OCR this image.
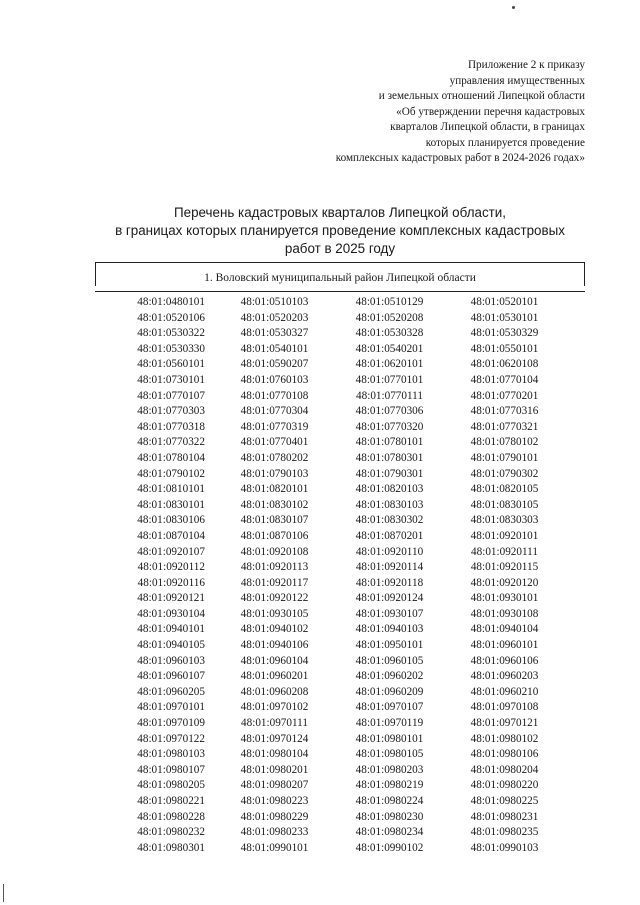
Приложение 2 к приказу
управления имущественных
и земельных отношений Липецкой области
«Об утверждении перечня кадастровых
кварталов Липецкой области, в границах
которых планируется проведение
комплексных кадастровых работ в 2024-2026 годах»
Перечень кадастровых кварталов Липецкой области,
в границах которых планируется проведение комплексных кадастровых
работ в 2025 году
1. Воловский муниципальный район Липецкой области
48:01:0480101	48:01:0510103	48:01:0510129	48:01:0520101
48:01:0520106	48:01:0520203	48:01:0520208	48:01:0530101
48:01:0530322	48:01:0530327	48:01:0530328	48:01:0530329
48:01:0530330	48:01:0540101	48:01:0540201	48:01:0550101
48:01:0560101	48:01:0590207	48:01:0620101	48:01:0620108
48:01:0730101	48:01:0760103	48:01:0770101	48:01:0770104
48:01:0770107	48:01:0770108	48:01:0770111	48:01:0770201
48:01:0770303	48:01:0770304	48:01:0770306	48:01:0770316
48:01:0770318	48:01:0770319	48:01:0770320	48:01:0770321
48:01:0770322	48:01:0770401	48:01:0780101	48:01:0780102
48:01:0780104	48:01:0780202	48:01:0780301	48:01:0790101
48:01:0790102	48:01:0790103	48:01:0790301	48:01:0790302
48:01:0810101	48:01:0820101	48:01:0820103	48:01:0820105
48:01:0830101	48:01:0830102	48:01:0830103	48:01:0830105
48:01:0830106	48:01:0830107	48:01:0830302	48:01:0830303
48:01:0870104	48:01:0870106	48:01:0870201	48:01:0920101
48:01:0920107	48:01:0920108	48:01:0920110	48:01:0920111
48:01:0920112	48:01:0920113	48:01:0920114	48:01:0920115
48:01:0920116	48:01:0920117	48:01:0920118	48:01:0920120
48:01:0920121	48:01:0920122	48:01:0920124	48:01:0930101
48:01:0930104	48:01:0930105	48:01:0930107	48:01:0930108
48:01:0940101	48:01:0940102	48:01:0940103	48:01:0940104
48:01:0940105	48:01:0940106	48:01:0950101	48:01:0960101
48:01:0960103	48:01:0960104	48:01:0960105	48:01:0960106
48:01:0960107	48:01:0960201	48:01:0960202	48:01:0960203
48:01:0960205	48:01:0960208	48:01:0960209	48:01:0960210
48:01:0970101	48:01:0970102	48:01:0970107	48:01:0970108
48:01:0970109	48:01:0970111	48:01:0970119	48:01:0970121
48:01:0970122	48:01:0970124	48:01:0980101	48:01:0980102
48:01:0980103	48:01:0980104	48:01:0980105	48:01:0980106
48:01:0980107	48:01:0980201	48:01:0980203	48:01:0980204
48:01:0980205	48:01:0980207	48:01:0980219	48:01:0980220
48:01:0980221	48:01:0980223	48:01:0980224	48:01:0980225
48:01:0980228	48:01:0980229	48:01:0980230	48:01:0980231
48:01:0980232	48:01:0980233	48:01:0980234	48:01:0980235
48:01:0980301	48:01:0990101	48:01:0990102	48:01:0990103
